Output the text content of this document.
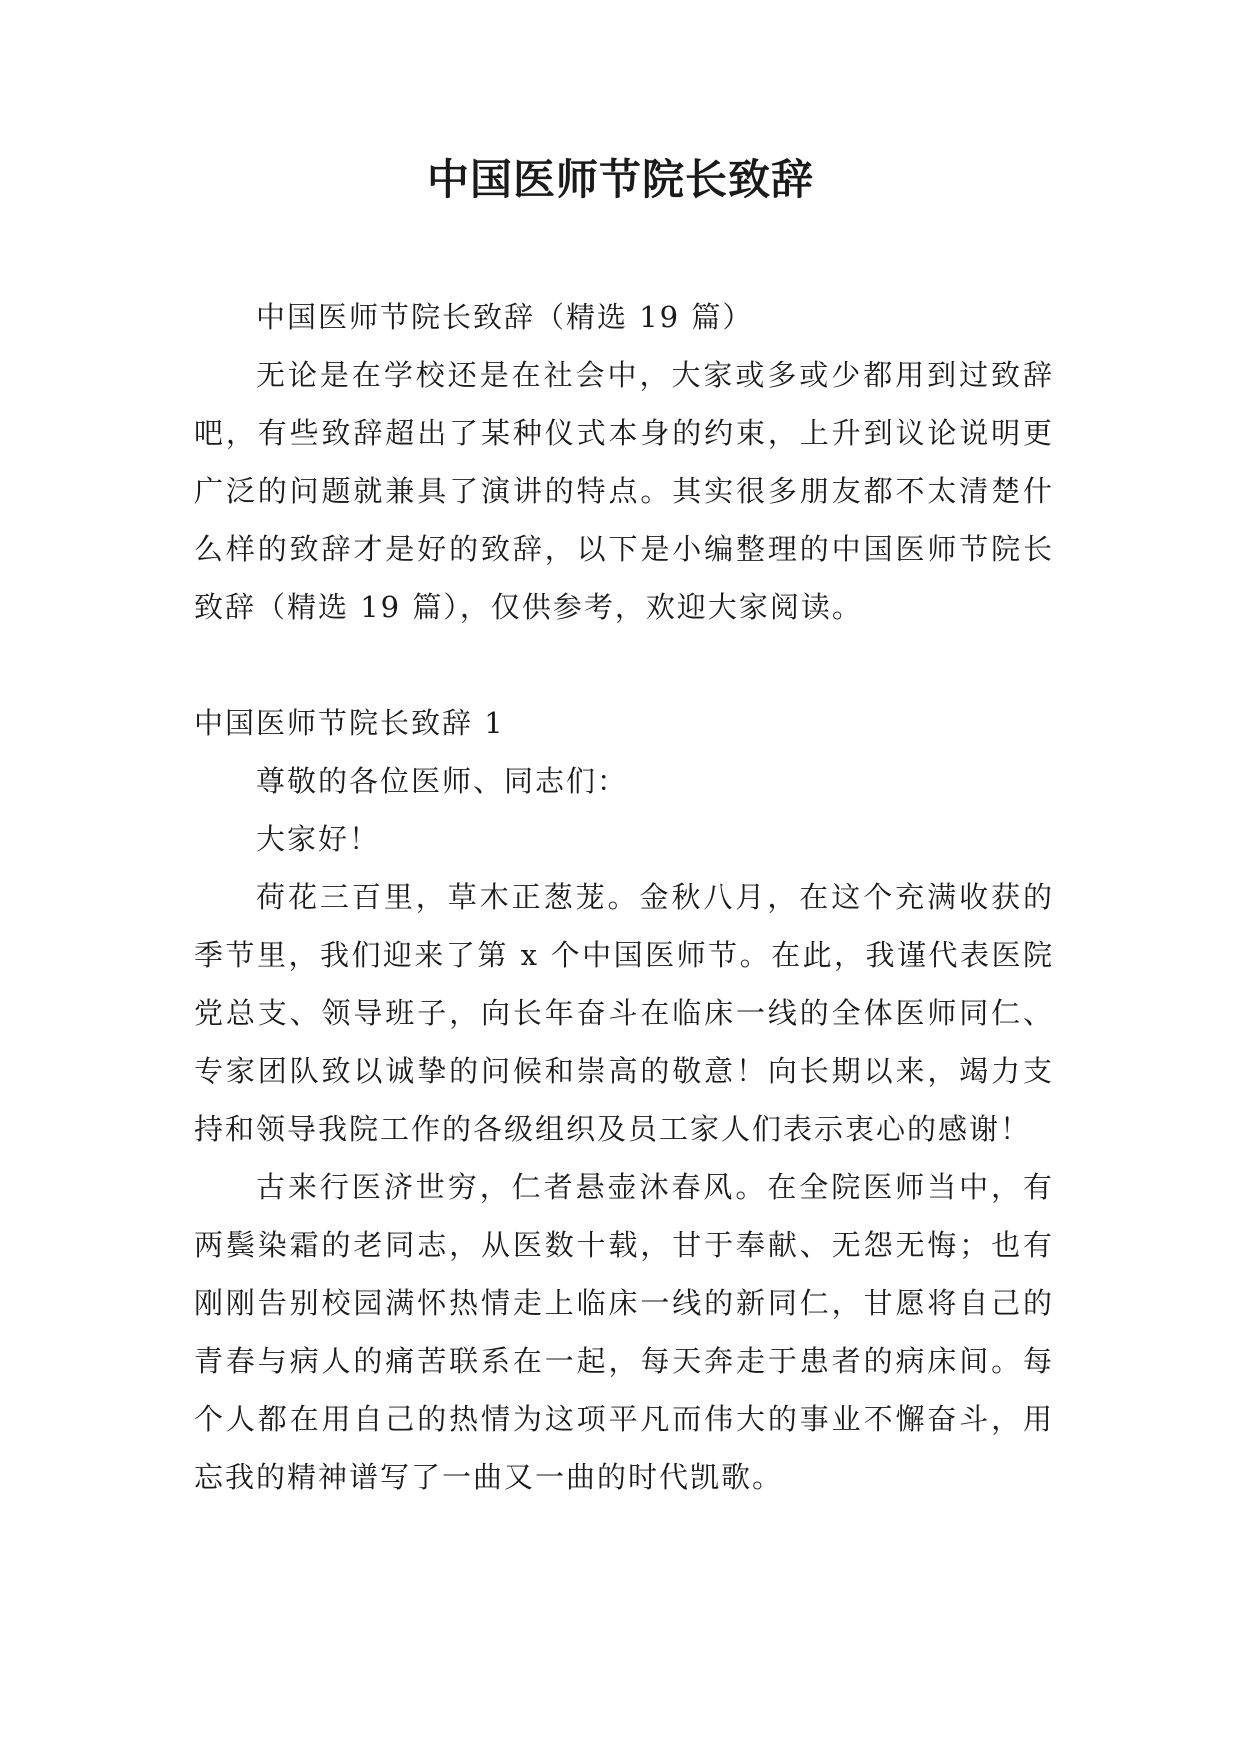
中国医师节院长致辞

中国医师节院长致辞（精选 19 篇）

无论是在学校还是在社会中，大家或多或少都用到过致辞吧，有些致辞超出了某种仪式本身的约束，上升到议论说明更广泛的问题就兼具了演讲的特点。其实很多朋友都不太清楚什么样的致辞才是好的致辞，以下是小编整理的中国医师节院长致辞（精选 19 篇），仅供参考，欢迎大家阅读。

中国医师节院长致辞 1

尊敬的各位医师、同志们：

大家好！

荷花三百里，草木正葱茏。金秋八月，在这个充满收获的季节里，我们迎来了第 x 个中国医师节。在此，我谨代表医院党总支、领导班子，向长年奋斗在临床一线的全体医师同仁、专家团队致以诚挚的问候和崇高的敬意！向长期以来，竭力支持和领导我院工作的各级组织及员工家人们表示衷心的感谢！

古来行医济世穷，仁者悬壶沐春风。在全院医师当中，有两鬓染霜的老同志，从医数十载，甘于奉献、无怨无悔；也有刚刚告别校园满怀热情走上临床一线的新同仁，甘愿将自己的青春与病人的痛苦联系在一起，每天奔走于患者的病床间。每个人都在用自己的热情为这项平凡而伟大的事业不懈奋斗，用忘我的精神谱写了一曲又一曲的时代凯歌。
